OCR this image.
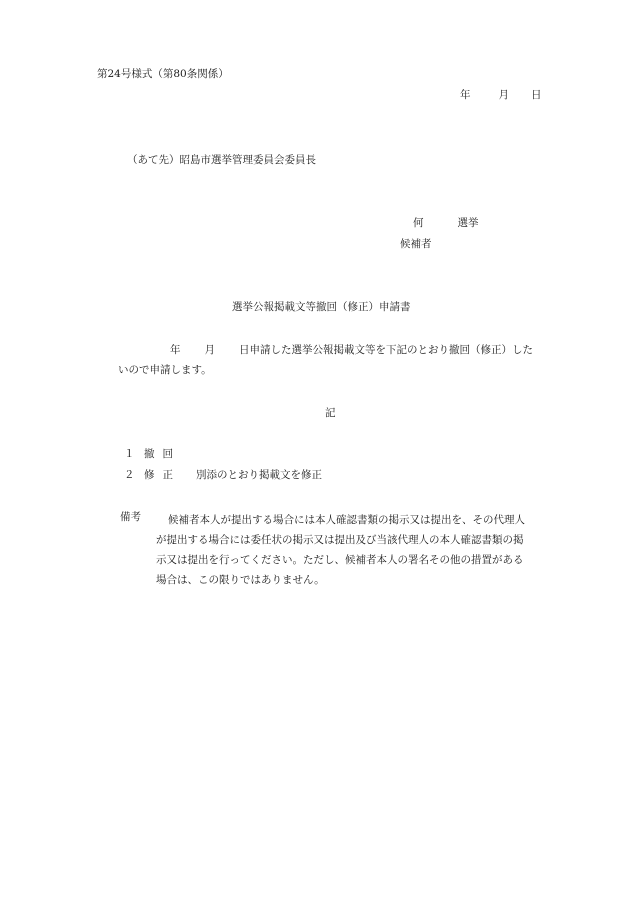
第24号様式（第80条関係）
年	月 日
（あて先）昭島市選挙管理委員会委員長
何	選挙
候補者
選挙公報掲載文等撤回（修正）申請書
年 月 日申請した選挙公報掲載文等を下記のとおり撤回（修正）した
いので申請します。
記
１ 撤回
２ 修正 別添のとおり掲載文を修正
備考	候補者本人が提出する場合には本人確認書類の掲示又は提出を、その代理人
が提出する場合には委任状の掲示又は提出及び当該代理人の本人確認書類の掲
示又は提出を行ってください。ただし、候補者本人の署名その他の措置がある
場合は、この限りではありません。
